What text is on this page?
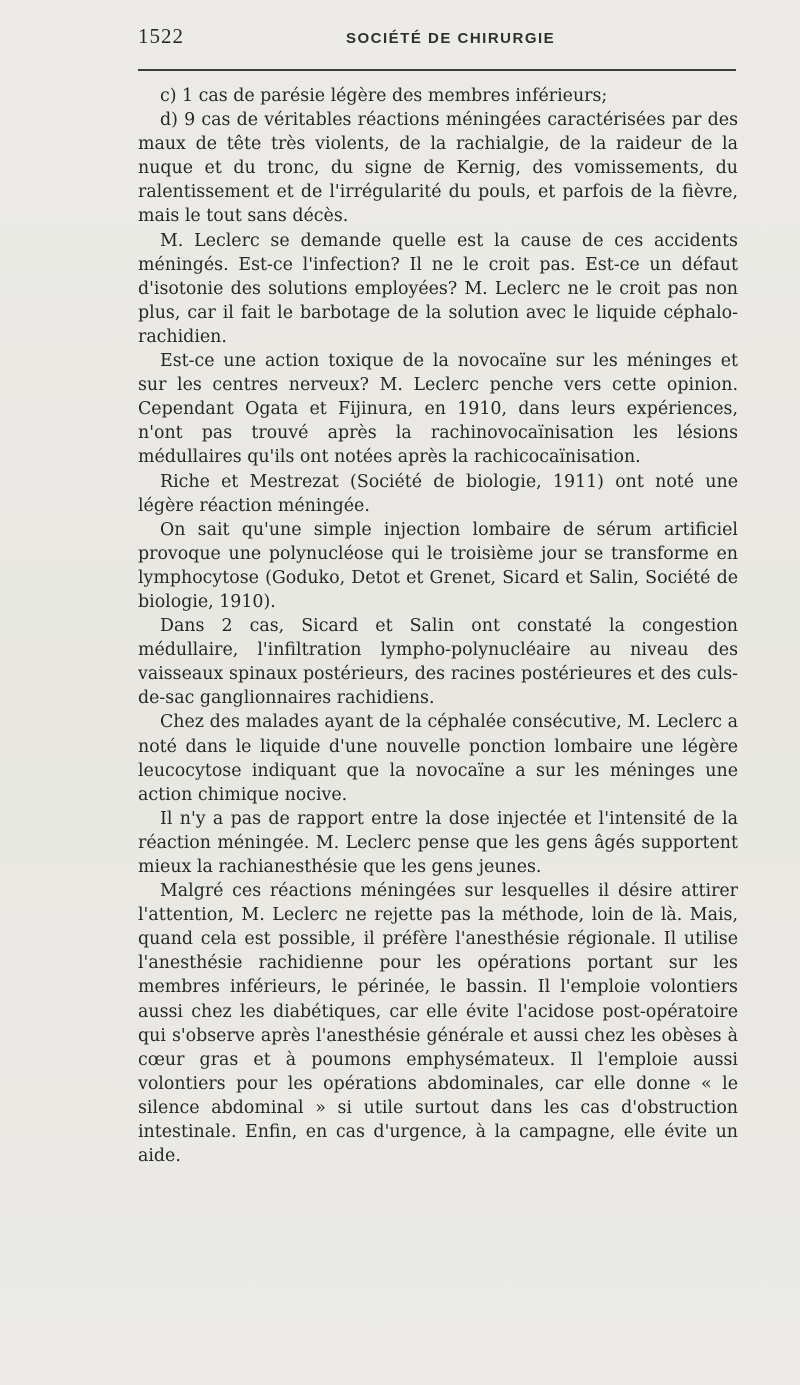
1522	SOCIÉTÉ DE CHIRURGIE

c) 1 cas de parésie légère des membres inférieurs;

d) 9 cas de véritables réactions méningées caractérisées par des maux de tête très violents, de la rachialgie, de la raideur de la nuque et du tronc, du signe de Kernig, des vomissements, du ralentissement et de l'irrégularité du pouls, et parfois de la fièvre, mais le tout sans décès.

M. Leclerc se demande quelle est la cause de ces accidents méningés. Est-ce l'infection? Il ne le croit pas. Est-ce un défaut d'isotonie des solutions employées? M. Leclerc ne le croit pas non plus, car il fait le barbotage de la solution avec le liquide céphalo-rachidien.

Est-ce une action toxique de la novocaïne sur les méninges et sur les centres nerveux? M. Leclerc penche vers cette opinion. Cependant Ogata et Fijinura, en 1910, dans leurs expériences, n'ont pas trouvé après la rachinovocaïnisation les lésions médullaires qu'ils ont notées après la rachicocaïnisation.

Riche et Mestrezat (Société de biologie, 1911) ont noté une légère réaction méningée.

On sait qu'une simple injection lombaire de sérum artificiel provoque une polynucléose qui le troisième jour se transforme en lymphocytose (Goduko, Detot et Grenet, Sicard et Salin, Société de biologie, 1910).

Dans 2 cas, Sicard et Salin ont constaté la congestion médullaire, l'infiltration lympho-polynucléaire au niveau des vaisseaux spinaux postérieurs, des racines postérieures et des culs-de-sac ganglionnaires rachidiens.

Chez des malades ayant de la céphalée consécutive, M. Leclerc a noté dans le liquide d'une nouvelle ponction lombaire une légère leucocytose indiquant que la novocaïne a sur les méninges une action chimique nocive.

Il n'y a pas de rapport entre la dose injectée et l'intensité de la réaction méningée. M. Leclerc pense que les gens âgés supportent mieux la rachianesthésie que les gens jeunes.

Malgré ces réactions méningées sur lesquelles il désire attirer l'attention, M. Leclerc ne rejette pas la méthode, loin de là. Mais, quand cela est possible, il préfère l'anesthésie régionale. Il utilise l'anesthésie rachidienne pour les opérations portant sur les membres inférieurs, le périnée, le bassin. Il l'emploie volontiers aussi chez les diabétiques, car elle évite l'acidose post-opératoire qui s'observe après l'anesthésie générale et aussi chez les obèses à cœur gras et à poumons emphysémateux. Il l'emploie aussi volontiers pour les opérations abdominales, car elle donne « le silence abdominal » si utile surtout dans les cas d'obstruction intestinale. Enfin, en cas d'urgence, à la campagne, elle évite un aide.
